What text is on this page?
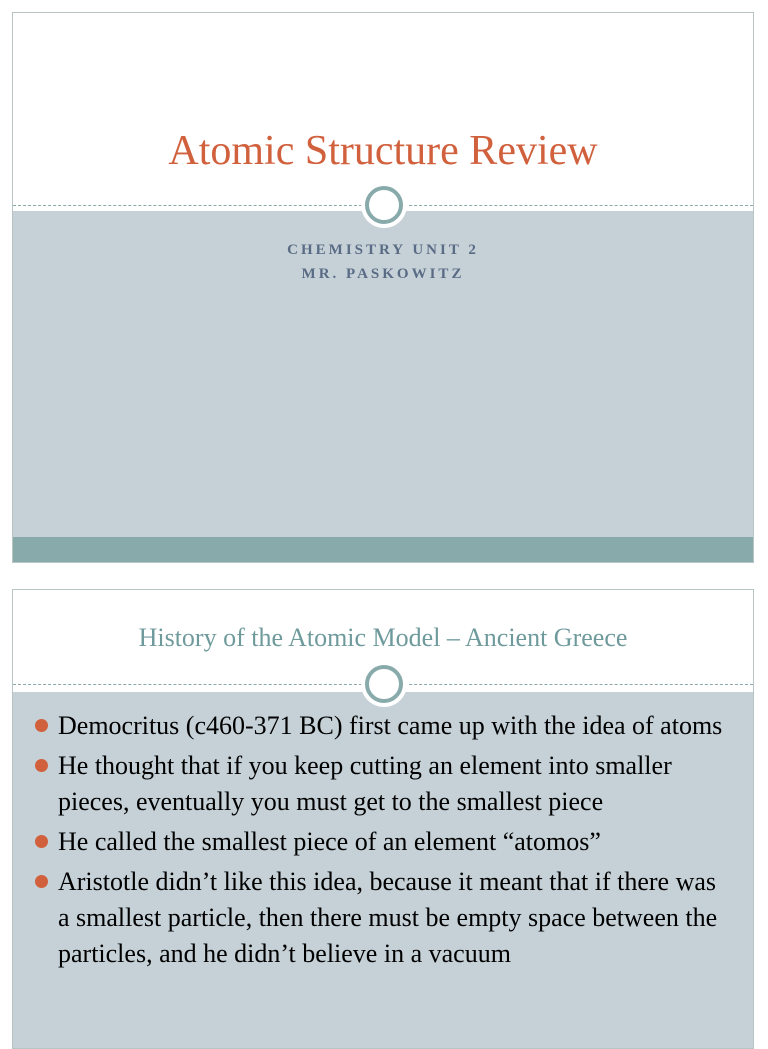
Atomic Structure Review
CHEMISTRY UNIT 2
MR. PASKOWITZ
History of the Atomic Model – Ancient Greece
Democritus (c460-371 BC) first came up with the idea of atoms
He thought that if you keep cutting an element into smaller pieces, eventually you must get to the smallest piece
He called the smallest piece of an element “atomos”
Aristotle didn’t like this idea, because it meant that if there was a smallest particle, then there must be empty space between the particles, and he didn’t believe in a vacuum
